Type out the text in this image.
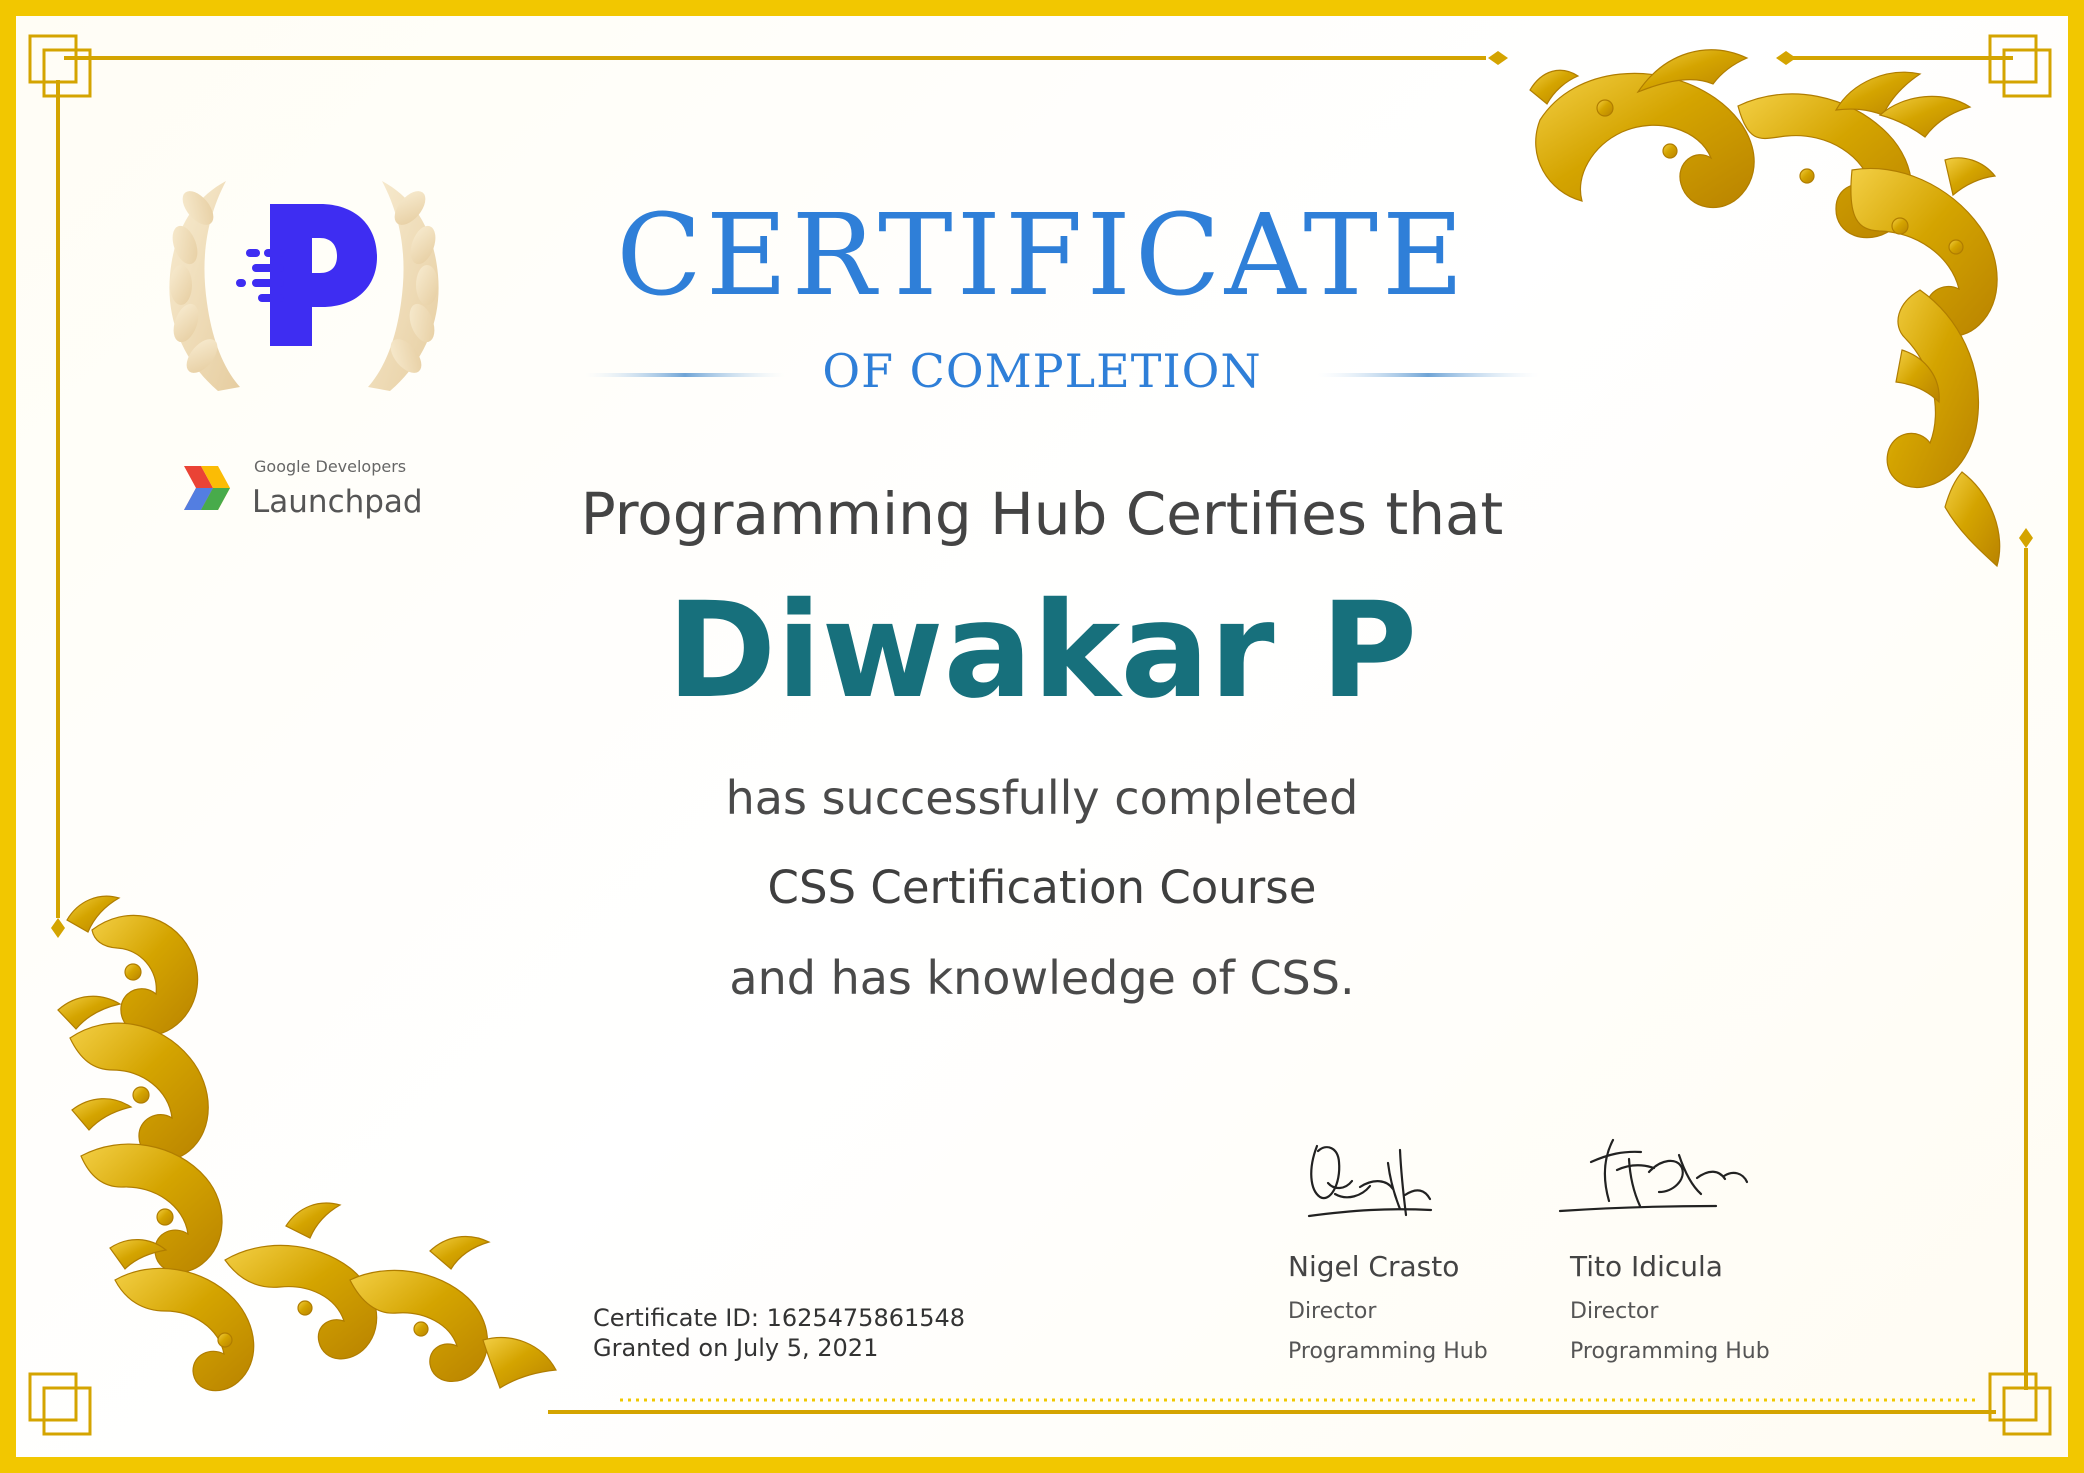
CERTIFICATE
OF COMPLETION
Google Developers
Launchpad	Programming Hub Certifies that
Diwakar P
has successfully completed
CSS Certification Course
and has knowledge of CSS.
Certificate ID: 1625475861548
Granted on July 5, 2021
Nigel Crasto
Director
Programming Hub
Tito Idicula
Director
Programming Hub
